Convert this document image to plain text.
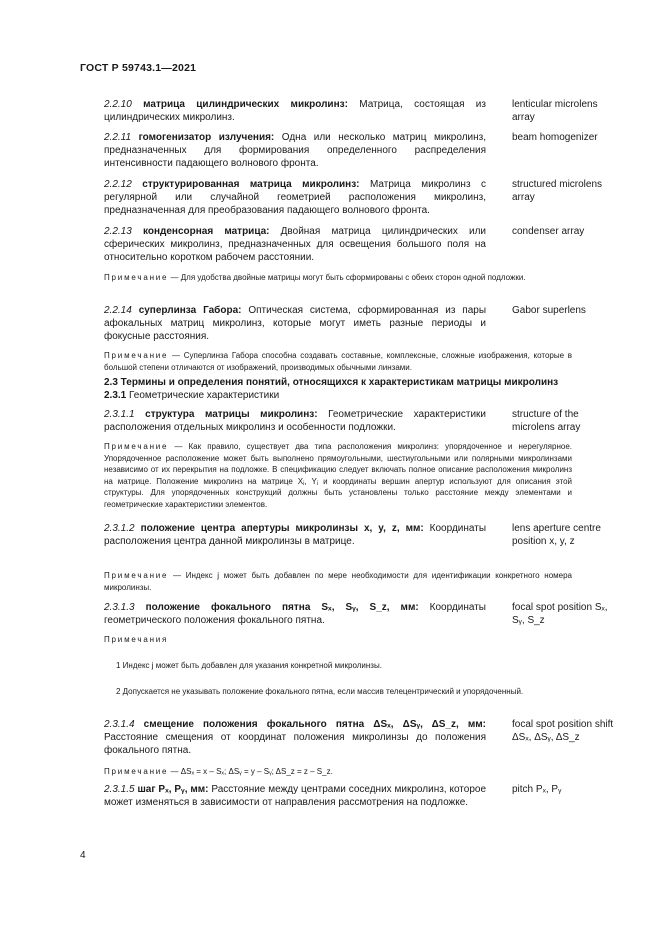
ГОСТ Р 59743.1—2021
2.2.10 матрица цилиндрических микролинз: Матрица, состоящая из цилиндрических микролинз.
lenticular microlens array
2.2.11 гомогенизатор излучения: Одна или несколько матриц микролинз, предназначенных для формирования определенного распределения интенсивности падающего волнового фронта.
beam homogenizer
2.2.12 структурированная матрица микролинз: Матрица микролинз с регулярной или случайной геометрией расположения микролинз, предназначенная для преобразования падающего волнового фронта.
structured microlens array
2.2.13 конденсорная матрица: Двойная матрица цилиндрических или сферических микролинз, предназначенных для освещения большого поля на относительно коротком рабочем расстоянии.
condenser array
Примечание — Для удобства двойные матрицы могут быть сформированы с обеих сторон одной подложки.
2.2.14 суперлинза Габора: Оптическая система, сформированная из пары афокальных матриц микролинз, которые могут иметь разные периоды и фокусные расстояния.
Gabor superlens
Примечание — Суперлинза Габора способна создавать составные, комплексные, сложные изображения, которые в большой степени отличаются от изображений, производимых обычными линзами.
2.3 Термины и определения понятий, относящихся к характеристикам матрицы микролинз
2.3.1 Геометрические характеристики
2.3.1.1 структура матрицы микролинз: Геометрические характеристики расположения отдельных микролинз и особенности подложки.
structure of the microlens array
Примечание — Как правило, существует два типа расположения микролинз: упорядоченное и нерегулярное. Упорядоченное расположение может быть выполнено прямоугольными, шестиугольными или полярными микролинзами независимо от их перекрытия на подложке. В спецификацию следует включать полное описание расположения микролинз на матрице. Положение микролинз на матрице Xⱼ, Yⱼ и координаты вершин апертур используют для описания этой структуры. Для упорядоченных конструкций должны быть установлены только расстояние между элементами и геометрические характеристики элементов.
2.3.1.2 положение центра апертуры микролинзы x, y, z, мм: Координаты расположения центра данной микролинзы в матрице.
lens aperture centre position x, y, z
Примечание — Индекс j может быть добавлен по мере необходимости для идентификации конкретного номера микролинзы.
2.3.1.3 положение фокального пятна Sₓ, Sᵧ, S_z, мм: Координаты геометрического положения фокального пятна.
focal spot position Sₓ, Sᵧ, S_z
Примечания
1 Индекс j может быть добавлен для указания конкретной микролинзы.
2 Допускается не указывать положение фокального пятна, если массив телецентрический и упорядоченный.
2.3.1.4 смещение положения фокального пятна ΔSₓ, ΔSᵧ, ΔS_z, мм: Расстояние смещения от координат положения микролинзы до положения фокального пятна.
focal spot position shift ΔSₓ, ΔSᵧ, ΔS_z
Примечание — ΔSₓ = x – Sₓ; ΔSᵧ = y – Sᵧ; ΔS_z = z – S_z.
2.3.1.5 шаг Pₓ, Pᵧ, мм: Расстояние между центрами соседних микролинз, которое может изменяться в зависимости от направления рассмотрения на подложке.
pitch Pₓ, Pᵧ
4
